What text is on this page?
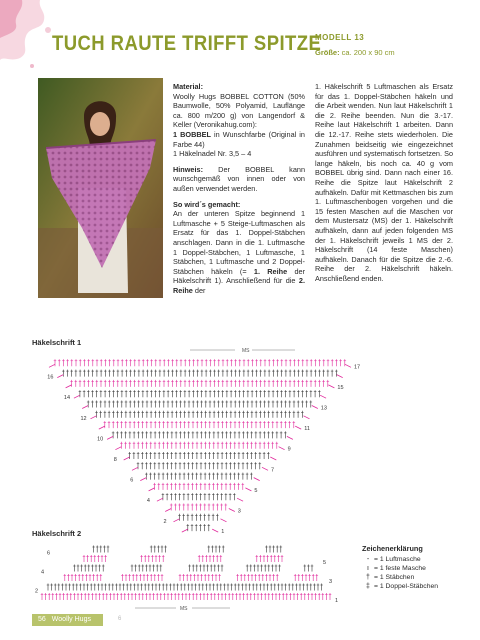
TUCH RAUTE TRIFFT SPITZE
MODELL 13
Größe: ca. 200 x 90 cm

Material:
Woolly Hugs BOBBEL COTTON (50% Baumwolle, 50% Polyamid, Lauflänge ca. 800 m/200 g) von Langendorf & Keller (Veronikahug.com):
1 BOBBEL in Wunschfarbe (Original in Farbe 44)
1 Häkelnadel Nr. 3,5 – 4

Hinweis: Der BOBBEL kann wunschgemäß von innen oder von außen verwendet werden.

So wird´s gemacht:
An der unteren Spitze beginnend 1 Luftmasche + 5 Steige-Luftmaschen als Ersatz für das 1. Doppel-Stäbchen anschlagen. Dann in die 1. Luftmasche 1 Doppel-Stäbchen, 1 Luftmasche, 1 Stäbchen, 1 Luftmasche und 2 Doppel-Stäbchen häkeln (= 1. Reihe der Häkelschrift 1). Anschließend für die 2. Reihe der

1. Häkelschrift 5 Luftmaschen als Ersatz für das 1. Doppel-Stäbchen häkeln und die Arbeit wenden. Nun laut Häkelschrift 1 die 2. Reihe beenden. Nun die 3.-17. Reihe laut Häkelschrift 1 arbeiten. Dann die 12.-17. Reihe stets wiederholen. Die Zunahmen beidseitig wie eingezeichnet ausführen und systematisch fortsetzen. So lange häkeln, bis noch ca. 40 g vom BOBBEL übrig sind. Dann nach einer 16. Reihe die Spitze laut Häkelschrift 2 aufhäkeln. Dafür mit Kettmaschen bis zum 1. Luftmaschenbogen vorgehen und die 15 festen Maschen auf die Maschen vor dem Mustersatz (MS) der 1. Häkelschrift aufhäkeln, dann auf jeden folgenden MS der 1. Häkelschrift jeweils 1 MS der 2. Häkelschrift (14 feste Maschen) aufhäkeln. Danach für die Spitze die 2.-6. Reihe der 2. Häkelschrift häkeln. Anschließend enden.

Häkelschrift 1
MS
2
4
6
8
10
12
14
16
1
3
5
7
9
11
13
15
17
Häkelschrift 2
MS
2
4
6
1
3
5
Zeichenerklärung
- = 1 Luftmasche
ı = 1 feste Masche
† = 1 Stäbchen
‡ = 1 Doppel-Stäbchen
56 Woolly Hugs	6
